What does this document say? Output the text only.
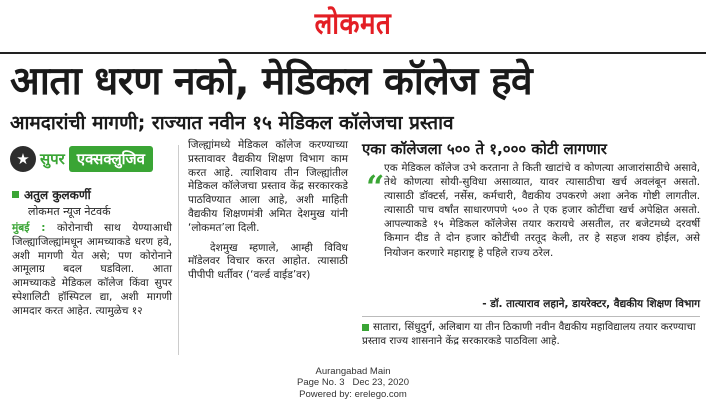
लोकमत
आता धरण नको, मेडिकल कॉलेज हवे
आमदारांची मागणी; राज्यात नवीन १५ मेडिकल कॉलेजचा प्रस्ताव
★ सुपर एक्सक्लुजिव
अतुल कुलकर्णी
लोकमत न्यूज नेटवर्क
मुंबई : कोरोनाची साथ येण्याआधी जिल्ह्याजिल्ह्यांमधून आमच्याकडे धरण हवे, अशी मागणी येत असे; पण कोरोनाने आमूलाग्र बदल घडविला. आता आमच्याकडे मेडिकल कॉलेज किंवा सुपर स्पेशालिटी हॉस्पिटल द्या, अशी मागणी आमदार करत आहेत. त्यामुळेच १२

जिल्ह्यांमध्ये मेडिकल कॉलेज करण्याच्या प्रस्तावावर वैद्यकीय शिक्षण विभाग काम करत आहे. त्याशिवाय तीन जिल्ह्यांतील मेडिकल कॉलेजचा प्रस्ताव केंद्र सरकारकडे पाठविण्यात आला आहे, अशी माहिती वैद्यकीय शिक्षणमंत्री अमित देशमुख यांनी ‘लोकमत’ला दिली.

देशमुख म्हणाले, आम्ही विविध मॉडेलवर विचार करत आहोत. त्यासाठी पीपीपी धर्तीवर (‘वर्ल्ड वाईड’वर)

एका कॉलेजला ५०० ते १,००० कोटी लागणार
“ एक मेडिकल कॉलेज उभे करताना ते किती खाटांचे व कोणत्या आजारांसाठीचे असावे, तेथे कोणत्या सोयी-सुविधा असाव्यात, यावर त्यासाठीचा खर्च अवलंबून असतो. त्यासाठी डॉक्टर्स, नर्सेस, कर्मचारी, वैद्यकीय उपकरणे अशा अनेक गोष्टी लागतील. त्यासाठी पाच वर्षांत साधारणपणे ५०० ते एक हजार कोटींचा खर्च अपेक्षित असतो. आपल्याकडे १५ मेडिकल कॉलेजेस तयार करायचे असतील, तर बजेटमध्ये दरवर्षी किमान दीड ते दोन हजार कोटींची तरतूद केली, तर हे सहज शक्य होईल, असे नियोजन करणारे महाराष्ट्र हे पहिले राज्य ठरेल.

- डॉ. तात्याराव लहाने, डायरेक्टर, वैद्यकीय शिक्षण विभाग
सातारा, सिंधुदुर्ग, अलिबाग या तीन ठिकाणी नवीन वैद्यकीय महाविद्यालय तयार करण्याचा प्रस्ताव राज्य शासनाने केंद्र सरकारकडे पाठविला आहे.
Aurangabad Main
Page No. 3 Dec 23, 2020
Powered by: erelego.com
